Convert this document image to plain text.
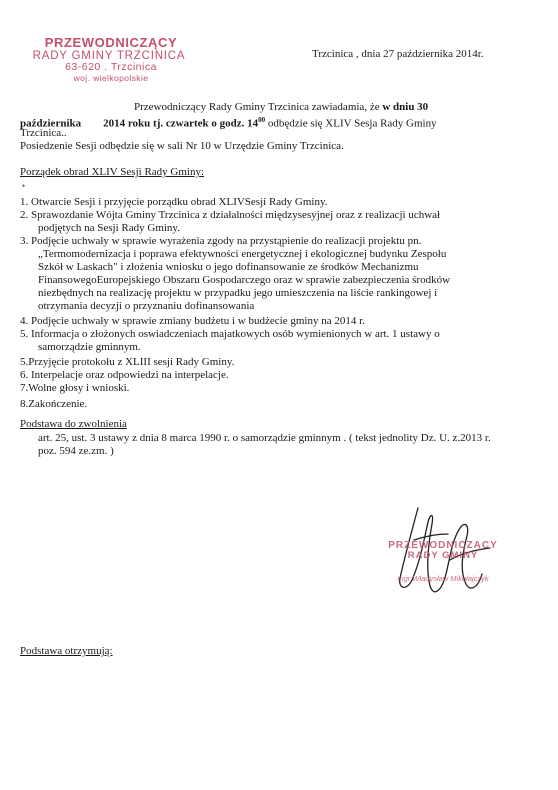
PRZEWODNICZĄCY
RADY GMINY TRZCINICA
63-620 . Trzcinica
woj. wielkopolskie
Trzcinica , dnia 27 października 2014r.
Przewodniczący Rady Gminy Trzcinica zawiadamia, że w dniu 30
października 2014 roku tj. czwartek o godz. $14^{00}$ odbędzie się XLIV Sesja Rady Gminy
Trzcinica..
Posiedzenie Sesji odbędzie się w sali Nr 10 w Urzędzie Gminy Trzcinica.
Porządek obrad XLIV Sesji Rady Gminy:
•
1. Otwarcie Sesji i przyjęcie porządku obrad XLIVSesji Rady Gminy.
2. Sprawozdanie Wójta Gminy Trzcinica z działalności międzysesyjnej oraz z realizacji uchwał
podjętych na Sesji Rady Gminy.
3. Podjęcie uchwały w sprawie wyrażenia zgody na przystąpienie do realizacji projektu pn.
„Termomodernizacja i poprawa efektywności energetycznej i ekologicznej budynku Zespołu
Szkół w Laskach" i złożenia wniosku o jego dofinansowanie ze środków Mechanizmu
FinansowegoEuropejskiego Obszaru Gospodarczego oraz w sprawie zabezpieczenia środków
niezbędnych na realizację projektu w przypadku jego umieszczenia na liście rankingowej i
otrzymania decyzji o przyznaniu dofinansowania
4. Podjęcie uchwały w sprawie zmiany budżetu i w budżecie gminy na 2014 r.
5. Informacja o złożonych oswiadczeniach majatkowych osób wymienionych w art. 1 ustawy o
samorządzie gminnym.
5.Przyjęcie protokołu z XLIII sesji Rady Gminy.
6. Interpelacje oraz odpowiedzi na interpelacje.
7.Wolne głosy i wnioski.
8.Zakończenie.
Podstawa do zwolnienia
art. 25, ust. 3 ustawy z dnia 8 marca 1990 r. o samorządzie gminnym . ( tekst jednolity Dz. U. z.2013 r.
poz. 594 ze.zm. )
PRZEWODNICZĄCY
RADY GMINY
mgr Władysław Mikołajczyk
Podstawa otrzymują:
